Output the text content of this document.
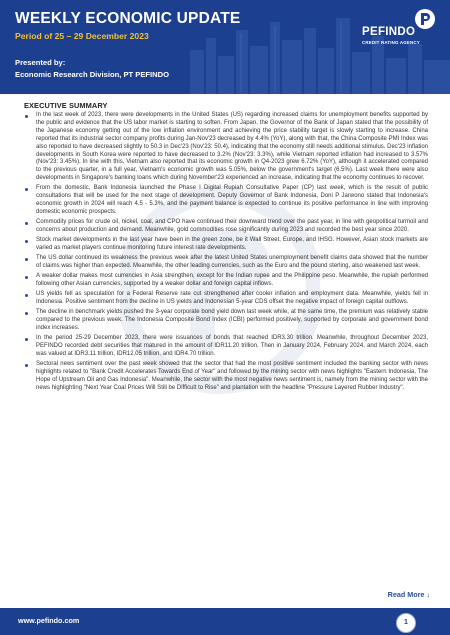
WEEKLY ECONOMIC UPDATE
Period of 25 – 29 December 2023
Presented by:
Economic Research Division, PT PEFINDO
PEFINDO
CREDIT RATING AGENCY
EXECUTIVE SUMMARY
In the last week of 2023, there were developments in the United States (US) regarding increased claims for unemployment benefits supported by the public and evidence that the US labor market is starting to soften. From Japan, the Governor of the Bank of Japan stated that the possibility of the Japanese economy getting out of the low inflation environment and achieving the price stability target is slowly starting to increase. China reported that its industrial sector company profits during Jan-Nov'23 decreased by 4.4% (YoY), along with that, the China Composite PMI Index was also reported to have decreased slightly to 50.3 in Dec'23 (Nov'23: 50.4), indicating that the economy still needs additional stimulus. Dec'23 inflation developments in South Korea were reported to have decreased to 3.2% (Nov'23: 3.3%), while Vietnam reported inflation had increased to 3.57% (Nov'23: 3.45%). In line with this, Vietnam also reported that its economic growth in Q4-2023 grew 6.72% (YoY), although it accelerated compared to the previous quarter, in a full year, Vietnam's economic growth was 5.05%, below the government's target (6.5%). Last week there were also developments in Singapore's banking loans which during November'23 experienced an increase, indicating that the economy continues to recover.
From the domestic, Bank Indonesia launched the Phase I Digital Rupiah Consultative Paper (CP) last week, which is the result of public consultations that will be used for the next stage of development. Deputy Governor of Bank Indonesia, Doni P Jarwono stated that Indonesia's economic growth in 2024 will reach 4.5 - 5.3%, and the payment balance is expected to continue its positive performance in line with improving domestic economic prospects.
Commodity prices for crude oil, nickel, coal, and CPO have continued their downward trend over the past year, in line with geopolitical turmoil and concerns about production and demand. Meanwhile, gold commodities rose significantly during 2023 and recorded the best year since 2020.
Stock market developments in the last year have been in the green zone, be it Wall Street, Europe, and IHSG. However, Asian stock markets are varied as market players continue monitoring future interest rate developments.
The US dollar continued its weakness the previous week after the latest United States unemployment benefit claims data showed that the number of claims was higher than expected. Meanwhile, the other leading currencies, such as the Euro and the pound sterling, also weakened last week.
A weaker dollar makes most currencies in Asia strengthen, except for the Indian rupee and the Philippine peso. Meanwhile, the rupiah performed following other Asian currencies, supported by a weaker dollar and foreign capital inflows.
US yields fell as speculation for a Federal Reserve rate cut strengthened after cooler inflation and employment data. Meanwhile, yields fell in Indonesia. Positive sentiment from the decline in US yields and Indonesian 5-year CDS offset the negative impact of foreign capital outflows.
The decline in benchmark yields pushed the 3-year corporate bond yield down last week while, at the same time, the premium was relatively stable compared to the previous week. The Indonesia Composite Bond Index (ICBI) performed positively, supported by corporate and government bond index increases.
In the period 25-29 December 2023, there were issuances of bonds that reached IDR3.30 trillion. Meanwhile, throughout December 2023, PEFINDO recorded debt securities that matured in the amount of IDR11.20 trillion. Then in January 2024, February 2024, and March 2024, each was valued at IDR3.11 trillion, IDR12.05 trillion, and IDR4.70 trillion.
Sectoral news sentiment over the past week showed that the sector that had the most positive sentiment included the banking sector with news highlights related to "Bank Credit Accelerates Towards End of Year" and followed by the mining sector with news highlights "Eastern Indonesia, The Hope of Upstream Oil and Gas Indonesia". Meanwhile, the sector with the most negative news sentiment is, namely from the mining sector with the news highlighting "Next Year Coal Prices Will Still be Difficult to Rise" and plantation with the headline "Pressure Layered Rubber Industry".
Read More ↓
www.pefindo.com	1
